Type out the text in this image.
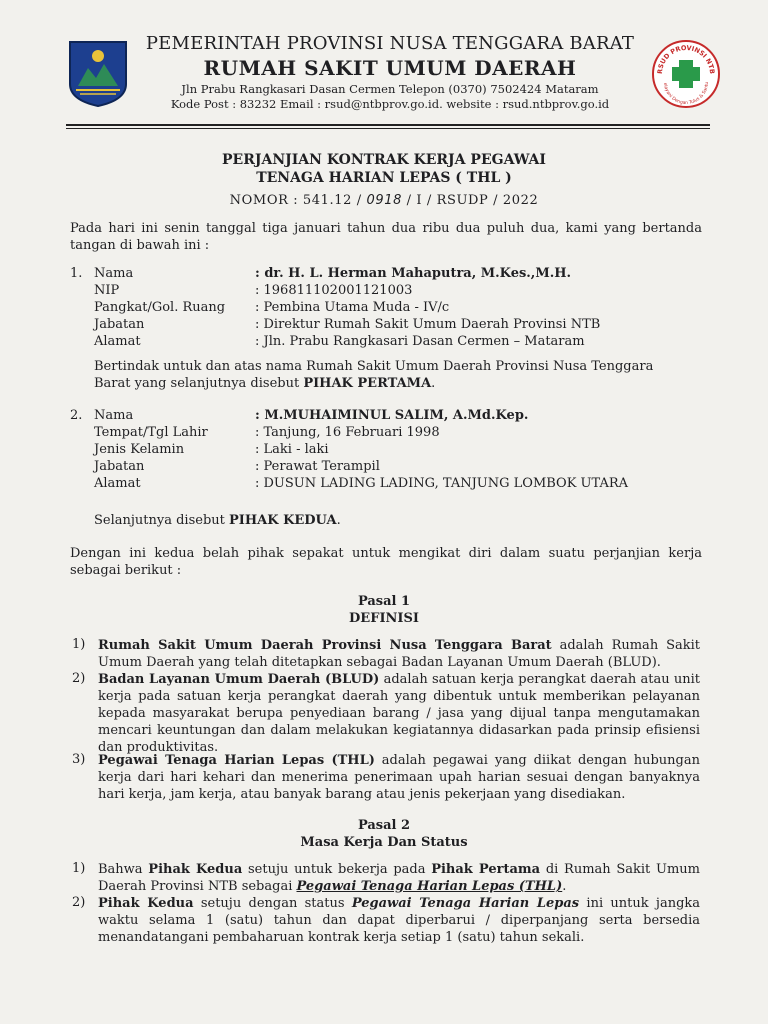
PEMERINTAH PROVINSI NUSA TENGGARA BARAT
RUMAH SAKIT UMUM DAERAH
Jln Prabu Rangkasari Dasan Cermen Telepon (0370) 7502424 Mataram
Kode Post : 83232 Email : rsud@ntbprov.go.id. website : rsud.ntbprov.go.id
RSUD PROVINSI NTB
elayani Dengan Tulus & Santu
PERJANJIAN KONTRAK KERJA PEGAWAI
TENAGA HARIAN LEPAS ( THL )
NOMOR : 541.12 / 0918 / I / RSUDP / 2022
Pada hari ini senin tanggal tiga januari tahun dua ribu dua puluh dua, kami yang bertanda tangan di bawah ini :
1. Nama	: dr. H. L. Herman Mahaputra, M.Kes.,M.H.
NIP	: 196811102001121003
Pangkat/Gol. Ruang : Pembina Utama Muda - IV/c
Jabatan	: Direktur Rumah Sakit Umum Daerah Provinsi NTB
Alamat	: Jln. Prabu Rangkasari Dasan Cermen – Mataram
Bertindak untuk dan atas nama Rumah Sakit Umum Daerah Provinsi Nusa Tenggara
Barat yang selanjutnya disebut PIHAK PERTAMA.
2. Nama	: M.MUHAIMINUL SALIM, A.Md.Kep.
Tempat/Tgl Lahir	: Tanjung, 16 Februari 1998
Jenis Kelamin	: Laki - laki
Jabatan	: Perawat Terampil
Alamat	: DUSUN LADING LADING, TANJUNG LOMBOK UTARA
Selanjutnya disebut PIHAK KEDUA.
Dengan ini kedua belah pihak sepakat untuk mengikat diri dalam suatu perjanjian kerja sebagai berikut :
Pasal 1
DEFINISI
1) Rumah Sakit Umum Daerah Provinsi Nusa Tenggara Barat adalah Rumah Sakit Umum Daerah yang telah ditetapkan sebagai Badan Layanan Umum Daerah (BLUD).
2) Badan Layanan Umum Daerah (BLUD) adalah satuan kerja perangkat daerah atau unit kerja pada satuan kerja perangkat daerah yang dibentuk untuk memberikan pelayanan kepada masyarakat berupa penyediaan barang / jasa yang dijual tanpa mengutamakan mencari keuntungan dan dalam melakukan kegiatannya didasarkan pada prinsip efisiensi dan produktivitas.
3) Pegawai Tenaga Harian Lepas (THL) adalah pegawai yang diikat dengan hubungan kerja dari hari kehari dan menerima penerimaan upah harian sesuai dengan banyaknya hari kerja, jam kerja, atau banyak barang atau jenis pekerjaan yang disediakan.
Pasal 2
Masa Kerja Dan Status
1) Bahwa Pihak Kedua setuju untuk bekerja pada Pihak Pertama di Rumah Sakit Umum Daerah Provinsi NTB sebagai Pegawai Tenaga Harian Lepas (THL).
2) Pihak Kedua setuju dengan status Pegawai Tenaga Harian Lepas ini untuk jangka waktu selama 1 (satu) tahun dan dapat diperbarui / diperpanjang serta bersedia menandatangani pembaharuan kontrak kerja setiap 1 (satu) tahun sekali.
